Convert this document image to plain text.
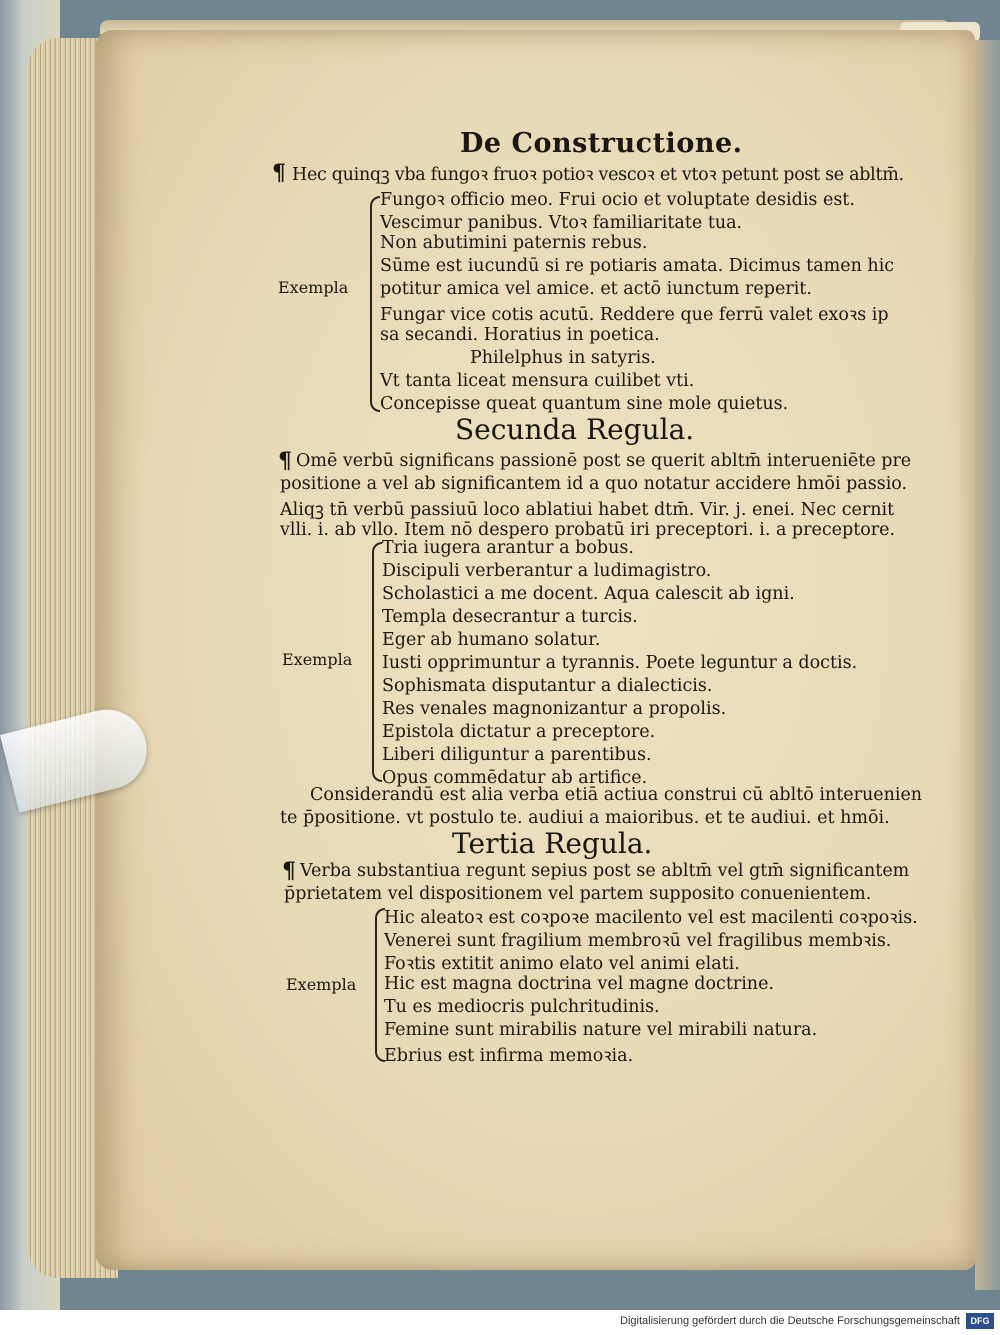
De Constructione.
¶ Hec quinqꝫ vba fungoꝛ fruoꝛ potioꝛ vescoꝛ et vtoꝛ petunt post se abltm̄.
Exempla
Fungoꝛ officio meo. Frui ocio et voluptate desidis est.
Vescimur panibus. Vtoꝛ familiaritate tua.
Non abutimini paternis rebus.
Sūme est iucundū si re potiaris amata. Dicimus tamen hic
potitur amica vel amice. et actō iunctum reperit.
Fungar vice cotis acutū. Reddere que ferrū valet exoꝛs ip
sa secandi. Horatius in poetica.
Philelphus in satyris.
Vt tanta liceat mensura cuilibet vti.
Concepisse queat quantum sine mole quietus.
Secunda Regula.
¶ Omē verbū significans passionē post se querit abltm̄ interueniēte pre
positione a vel ab significantem id a quo notatur accidere hmōi passio.
Aliqꝫ tn̄ verbū passiuū loco ablatiui habet dtm̄. Vir. j. enei. Nec cernit
vlli. i. ab vllo. Item nō despero probatū iri preceptori. i. a preceptore.
Exempla
Tria iugera arantur a bobus.
Discipuli verberantur a ludimagistro.
Scholastici a me docent. Aqua calescit ab igni.
Templa desecrantur a turcis.
Eger ab humano solatur.
Iusti opprimuntur a tyrannis. Poete leguntur a doctis.
Sophismata disputantur a dialecticis.
Res venales magnonizantur a propolis.
Epistola dictatur a preceptore.
Liberi diliguntur a parentibus.
Opus commēdatur ab artifice.
Considerandū est alia verba etiā actiua construi cū abltō interuenien
te p̄positione. vt postulo te. audiui a maioribus. et te audiui. et hmōi.
Tertia Regula.
¶ Verba substantiua regunt sepius post se abltm̄ vel gtm̄ significantem
p̄prietatem vel dispositionem vel partem supposito conuenientem.
Exempla
Hic aleatoꝛ est coꝛpoꝛe macilento vel est macilenti coꝛpoꝛis.
Venerei sunt fragilium membroꝛū vel fragilibus membꝛis.
Foꝛtis extitit animo elato vel animi elati.
Hic est magna doctrina vel magne doctrine.
Tu es mediocris pulchritudinis.
Femine sunt mirabilis nature vel mirabili natura.
Ebrius est infirma memoꝛia.
Digitalisierung gefördert durch die Deutsche Forschungsgemeinschaft	DFG
